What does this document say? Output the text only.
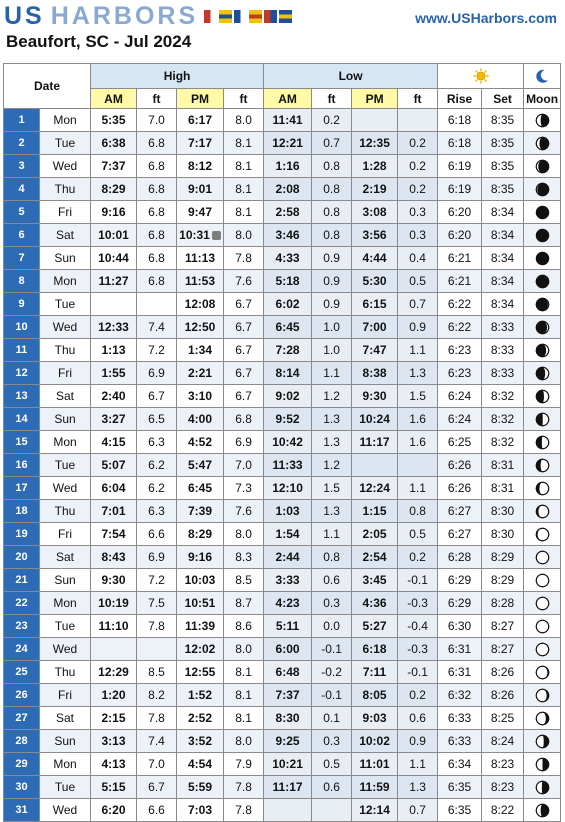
US HARBORS	www.USHarbors.com
Beaufort, SC - Jul 2024
Date		High				Low		
		AM	ft	PM	ft	AM	ft	PM	ft	Rise	Set	Moon
1	Mon	5:35	7.0	6:17	8.0	11:41	0.2			6:18	8:35	
2	Tue	6:38	6.8	7:17	8.1	12:21	0.7	12:35	0.2	6:18	8:35	
3	Wed	7:37	6.8	8:12	8.1	1:16	0.8	1:28	0.2	6:19	8:35	
4	Thu	8:29	6.8	9:01	8.1	2:08	0.8	2:19	0.2	6:19	8:35	
5	Fri	9:16	6.8	9:47	8.1	2:58	0.8	3:08	0.3	6:20	8:34	
6	Sat	10:01	6.8	10:31	8.0	3:46	0.8	3:56	0.3	6:20	8:34	
7	Sun	10:44	6.8	11:13	7.8	4:33	0.9	4:44	0.4	6:21	8:34	
8	Mon	11:27	6.8	11:53	7.6	5:18	0.9	5:30	0.5	6:21	8:34	
9	Tue			12:08	6.7	6:02	0.9	6:15	0.7	6:22	8:34	
10	Wed	12:33	7.4	12:50	6.7	6:45	1.0	7:00	0.9	6:22	8:33	
11	Thu	1:13	7.2	1:34	6.7	7:28	1.0	7:47	1.1	6:23	8:33	
12	Fri	1:55	6.9	2:21	6.7	8:14	1.1	8:38	1.3	6:23	8:33	
13	Sat	2:40	6.7	3:10	6.7	9:02	1.2	9:30	1.5	6:24	8:32	
14	Sun	3:27	6.5	4:00	6.8	9:52	1.3	10:24	1.6	6:24	8:32	
15	Mon	4:15	6.3	4:52	6.9	10:42	1.3	11:17	1.6	6:25	8:32	
16	Tue	5:07	6.2	5:47	7.0	11:33	1.2			6:26	8:31	
17	Wed	6:04	6.2	6:45	7.3	12:10	1.5	12:24	1.1	6:26	8:31	
18	Thu	7:01	6.3	7:39	7.6	1:03	1.3	1:15	0.8	6:27	8:30	
19	Fri	7:54	6.6	8:29	8.0	1:54	1.1	2:05	0.5	6:27	8:30	
20	Sat	8:43	6.9	9:16	8.3	2:44	0.8	2:54	0.2	6:28	8:29	
21	Sun	9:30	7.2	10:03	8.5	3:33	0.6	3:45	-0.1	6:29	8:29	
22	Mon	10:19	7.5	10:51	8.7	4:23	0.3	4:36	-0.3	6:29	8:28	
23	Tue	11:10	7.8	11:39	8.6	5:11	0.0	5:27	-0.4	6:30	8:27	
24	Wed			12:02	8.0	6:00	-0.1	6:18	-0.3	6:31	8:27	
25	Thu	12:29	8.5	12:55	8.1	6:48	-0.2	7:11	-0.1	6:31	8:26	
26	Fri	1:20	8.2	1:52	8.1	7:37	-0.1	8:05	0.2	6:32	8:26	
27	Sat	2:15	7.8	2:52	8.1	8:30	0.1	9:03	0.6	6:33	8:25	
28	Sun	3:13	7.4	3:52	8.0	9:25	0.3	10:02	0.9	6:33	8:24	
29	Mon	4:13	7.0	4:54	7.9	10:21	0.5	11:01	1.1	6:34	8:23	
30	Tue	5:15	6.7	5:59	7.8	11:17	0.6	11:59	1.3	6:35	8:23	
31	Wed	6:20	6.6	7:03	7.8			12:14	0.7	6:35	8:22	
